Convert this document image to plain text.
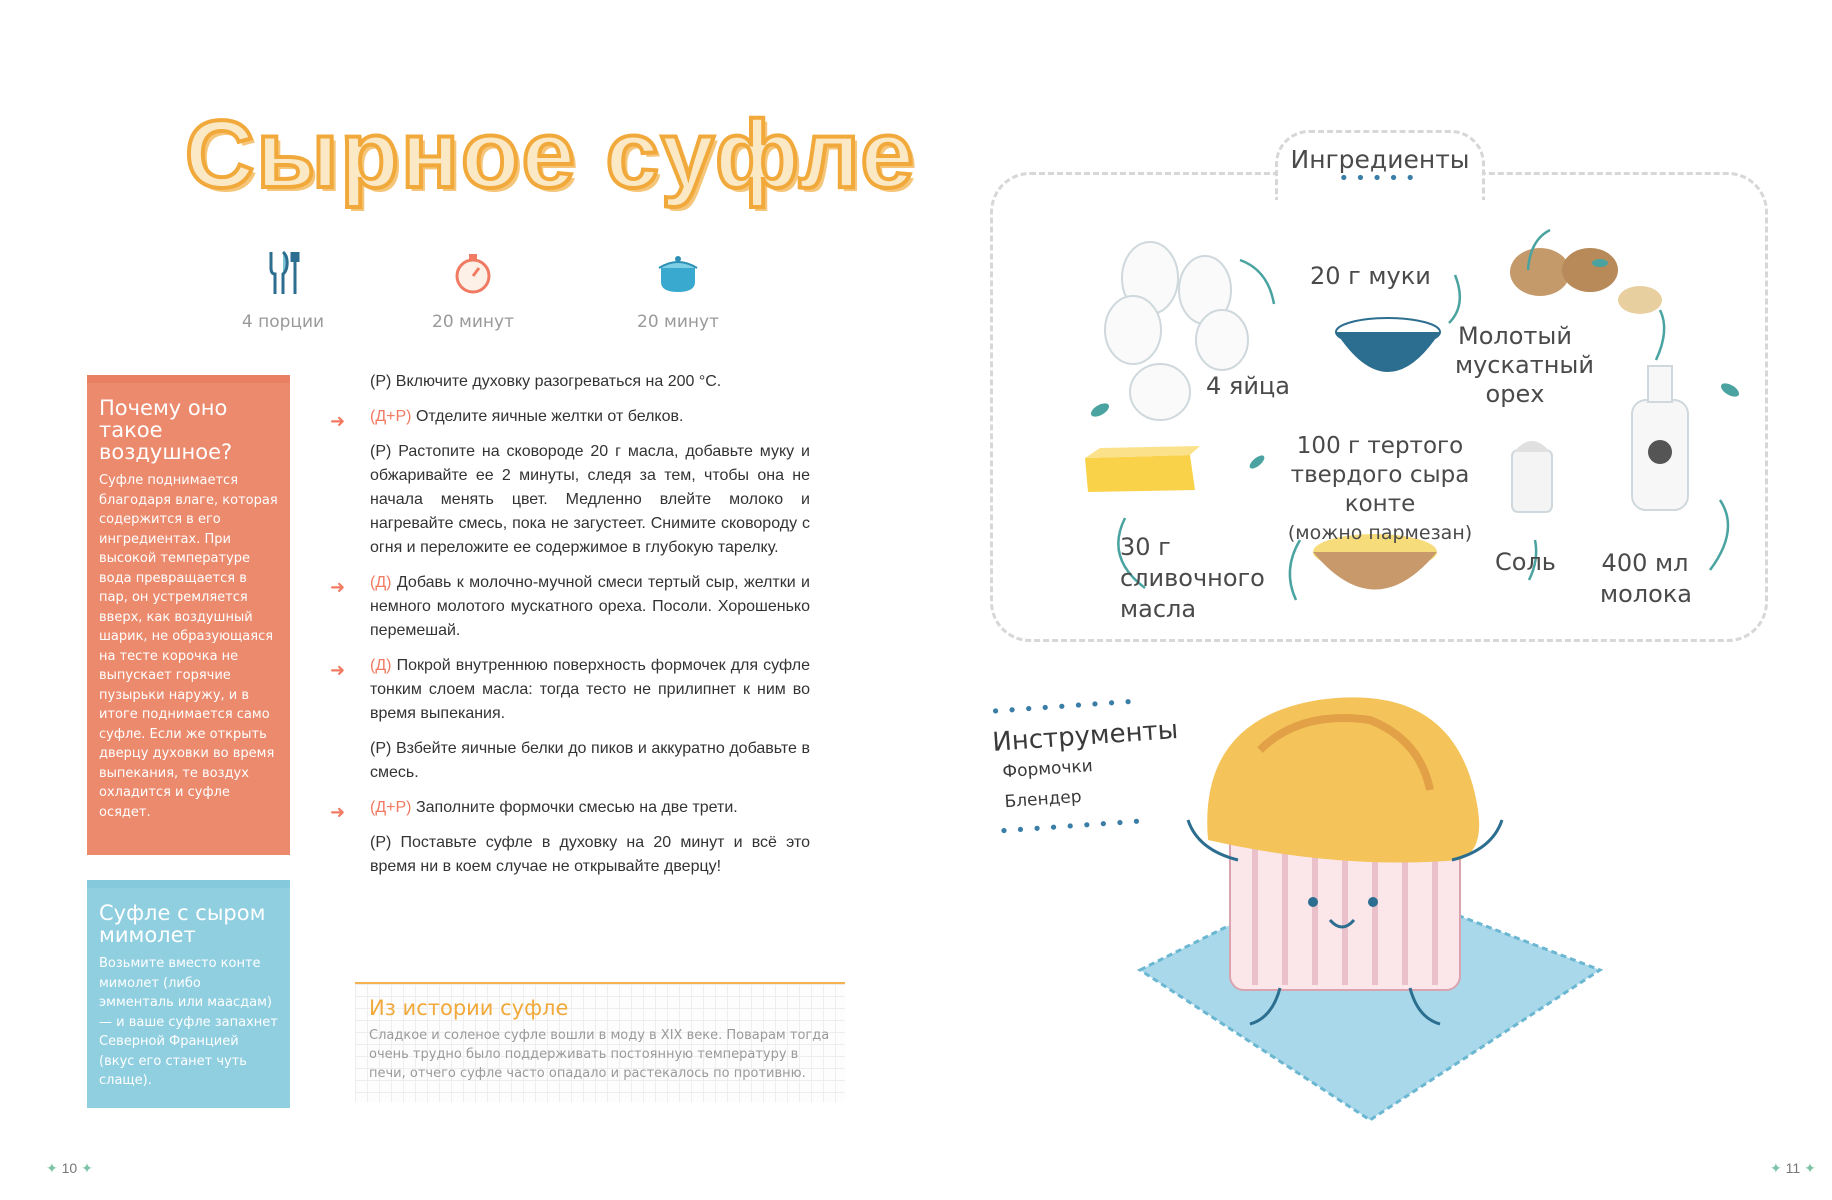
Сырное суфле
4 порции	20 минут	20 минут
Почему оно такое воздушное?

Суфле поднимается благодаря влаге, которая содержится в его ингредиентах. При высокой температуре вода превращается в пар, он устремляется вверх, как воздушный шарик, не образующаяся на тесте корочка не выпускает горячие пузырьки наружу, и в итоге поднимается само суфле. Если же открыть дверцу духовки во время выпекания, те воздух охладится и суфле осядет.

Суфле с сыром мимолет

Возьмите вместо конте мимолет (либо эмменталь или маасдам) — и ваше суфле запахнет Северной Францией (вкус его станет чуть слаще).

(Р) Включите духовку разогреваться на 200 °C.
➜ (Д+Р) Отделите яичные желтки от белков.
(Р) Растопите на сковороде 20 г масла, добавьте муку и обжаривайте ее 2 минуты, следя за тем, чтобы она не начала менять цвет. Медленно влейте молоко и нагревайте смесь, пока не загустеет. Снимите сковороду с огня и переложите ее содержимое в глубокую тарелку.
➜ (Д) Добавь к молочно-мучной смеси тертый сыр, желтки и немного молотого мускатного ореха. Посоли. Хорошенько перемешай.
➜ (Д) Покрой внутреннюю поверхность формочек для суфле тонким слоем масла: тогда тесто не прилипнет к ним во время выпекания.
(Р) Взбейте яичные белки до пиков и аккуратно добавьте в смесь.
➜ (Д+Р) Заполните формочки смесью на две трети.
(Р) Поставьте суфле в духовку на 20 минут и всё это время ни в коем случае не открывайте дверцу!
Из истории суфле

Сладкое и соленое суфле вошли в моду в XIX веке. Поварам тогда очень трудно было поддерживать постоянную температуру в печи, отчего суфле часто опадало и растекалось по противню.

✦ 10 ✦
Ингредиенты
•••••
4 яйца
20 г муки
Молотый мускатный орех
100 г тертого твердого сыра конте
(можно пармезан)
30 г сливочного масла
Соль 400 мл молока
•••••••••
Инструменты
Формочки
Блендер
•••••••••
✦ 11 ✦
